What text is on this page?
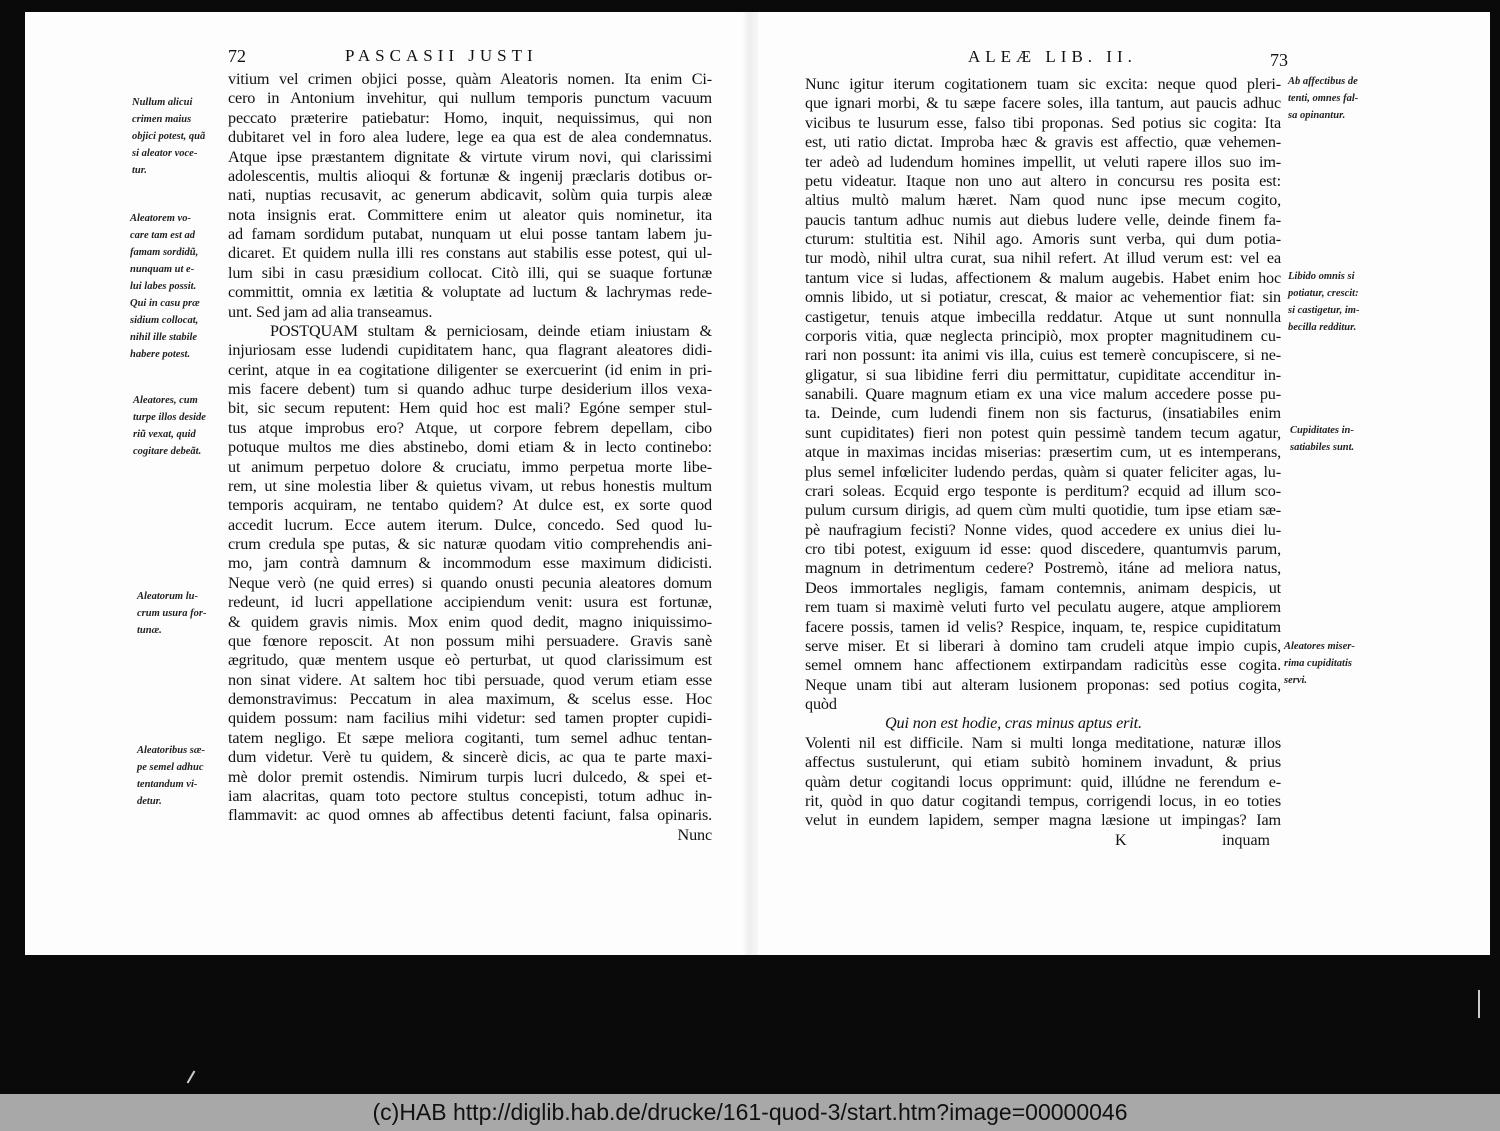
72	PASCASII JUSTI	ALEÆ LIB. II.	73
vitium vel crimen objici posse, quàm Aleatoris nomen. Ita enim Ci-
cero in Antonium invehitur, qui nullum temporis punctum vacuum
peccato præterire patiebatur: Homo, inquit, nequissimus, qui non
dubitaret vel in foro alea ludere, lege ea qua est de alea condemnatus.
Atque ipse præstantem dignitate & virtute virum novi, qui clarissimi
adolescentis, multis alioqui & fortunæ & ingenij præclaris dotibus or-
nati, nuptias recusavit, ac generum abdicavit, solùm quia turpis aleæ
nota insignis erat. Committere enim ut aleator quis nominetur, ita
ad famam sordidum putabat, nunquam ut elui posse tantam labem ju-
dicaret. Et quidem nulla illi res constans aut stabilis esse potest, qui ul-
lum sibi in casu præsidium collocat. Citò illi, qui se suaque fortunæ
committit, omnia ex lætitia & voluptate ad luctum & lachrymas rede-
unt. Sed jam ad alia transeamus.
POSTQUAM stultam & perniciosam, deinde etiam iniustam &
injuriosam esse ludendi cupiditatem hanc, qua flagrant aleatores didi-
cerint, atque in ea cogitatione diligenter se exercuerint (id enim in pri-
mis facere debent) tum si quando adhuc turpe desiderium illos vexa-
bit, sic secum reputent: Hem quid hoc est mali? Egóne semper stul-
tus atque improbus ero? Atque, ut corpore febrem depellam, cibo
potuque multos me dies abstinebo, domi etiam & in lecto continebo:
ut animum perpetuo dolore & cruciatu, immo perpetua morte libe-
rem, ut sine molestia liber & quietus vivam, ut rebus honestis multum
temporis acquiram, ne tentabo quidem? At dulce est, ex sorte quod
accedit lucrum. Ecce autem iterum. Dulce, concedo. Sed quod lu-
crum credula spe putas, & sic naturæ quodam vitio comprehendis ani-
mo, jam contrà damnum & incommodum esse maximum didicisti.
Neque verò (ne quid erres) si quando onusti pecunia aleatores domum
redeunt, id lucri appellatione accipiendum venit: usura est fortunæ,
& quidem gravis nimis. Mox enim quod dedit, magno iniquissimo-
que fœnore reposcit. At non possum mihi persuadere. Gravis sanè
ægritudo, quæ mentem usque eò perturbat, ut quod clarissimum est
non sinat videre. At saltem hoc tibi persuade, quod verum etiam esse
demonstravimus: Peccatum in alea maximum, & scelus esse. Hoc
quidem possum: nam facilius mihi videtur: sed tamen propter cupidi-
tatem negligo. Et sæpe meliora cogitanti, tum semel adhuc tentan-
dum videtur. Verè tu quidem, & sincerè dicis, ac qua te parte maxi-
mè dolor premit ostendis. Nimirum turpis lucri dulcedo, & spei et-
iam alacritas, quam toto pectore stultus concepisti, totum adhuc in-
flammavit: ac quod omnes ab affectibus detenti faciunt, falsa opinaris.
Nunc
Nunc igitur iterum cogitationem tuam sic excita: neque quod pleri-
que ignari morbi, & tu sæpe facere soles, illa tantum, aut paucis adhuc
vicibus te lusurum esse, falso tibi proponas. Sed potius sic cogita: Ita
est, uti ratio dictat. Improba hæc & gravis est affectio, quæ vehemen-
ter adeò ad ludendum homines impellit, ut veluti rapere illos suo im-
petu videatur. Itaque non uno aut altero in concursu res posita est:
altius multò malum hæret. Nam quod nunc ipse mecum cogito,
paucis tantum adhuc numis aut diebus ludere velle, deinde finem fa-
cturum: stultitia est. Nihil ago. Amoris sunt verba, qui dum potia-
tur modò, nihil ultra curat, sua nihil refert. At illud verum est: vel ea
tantum vice si ludas, affectionem & malum augebis. Habet enim hoc
omnis libido, ut si potiatur, crescat, & maior ac vehementior fiat: sin
castigetur, tenuis atque imbecilla reddatur. Atque ut sunt nonnulla
corporis vitia, quæ neglecta principiò, mox propter magnitudinem cu-
rari non possunt: ita animi vis illa, cuius est temerè concupiscere, si ne-
gligatur, si sua libidine ferri diu permittatur, cupiditate accenditur in-
sanabili. Quare magnum etiam ex una vice malum accedere posse pu-
ta. Deinde, cum ludendi finem non sis facturus, (insatiabiles enim
sunt cupiditates) fieri non potest quin pessimè tandem tecum agatur,
atque in maximas incidas miserias: præsertim cum, ut es intemperans,
plus semel infœliciter ludendo perdas, quàm si quater feliciter agas, lu-
crari soleas. Ecquid ergo tesponte is perditum? ecquid ad illum sco-
pulum cursum dirigis, ad quem cùm multi quotidie, tum ipse etiam sæ-
pè naufragium fecisti? Nonne vides, quod accedere ex unius diei lu-
cro tibi potest, exiguum id esse: quod discedere, quantumvis parum,
magnum in detrimentum cedere? Postremò, itáne ad meliora natus,
Deos immortales negligis, famam contemnis, animam despicis, ut
rem tuam si maximè veluti furto vel peculatu augere, atque ampliorem
facere possis, tamen id velis? Respice, inquam, te, respice cupiditatum
serve miser. Et si liberari à domino tam crudeli atque impio cupis,
semel omnem hanc affectionem extirpandam radicitùs esse cogita.
Neque unam tibi aut alteram lusionem proponas: sed potius cogita,
quòd
Qui non est hodie, cras minus aptus erit.
Volenti nil est difficile. Nam si multi longa meditatione, naturæ illos
affectus sustulerunt, qui etiam subitò hominem invadunt, & prius
quàm detur cogitandi locus opprimunt: quid, illúdne ne ferendum e-
rit, quòd in quo datur cogitandi tempus, corrigendi locus, in eo toties
velut in eundem lapidem, semper magna læsione ut impingas? Iam
Nullum alicui
crimen maius
objici potest, quã
si aleator voce-
tur.
Aleatorem vo-
care tam est ad
famam sordidũ,
nunquam ut e-
lui labes possit.
Qui in casu præ
sidium collocat,
nihil ille stabile
habere potest.
Aleatores, cum
turpe illos deside
riũ vexat, quid
cogitare debeãt.
Aleatorum lu-
crum usura for-
tunæ.
Aleatoribus sæ-
pe semel adhuc
tentandum vi-
detur.
Ab affectibus de
tenti, omnes fal-
sa opinantur.
Libido omnis si
potiatur, crescit:
si castigetur, im-
becilla redditur.
Cupiditates in-
satiabiles sunt.
Aleatores miser-
rima cupiditatis
servi.
K	inquam
(c)HAB http://diglib.hab.de/drucke/161-quod-3/start.htm?image=00000046
